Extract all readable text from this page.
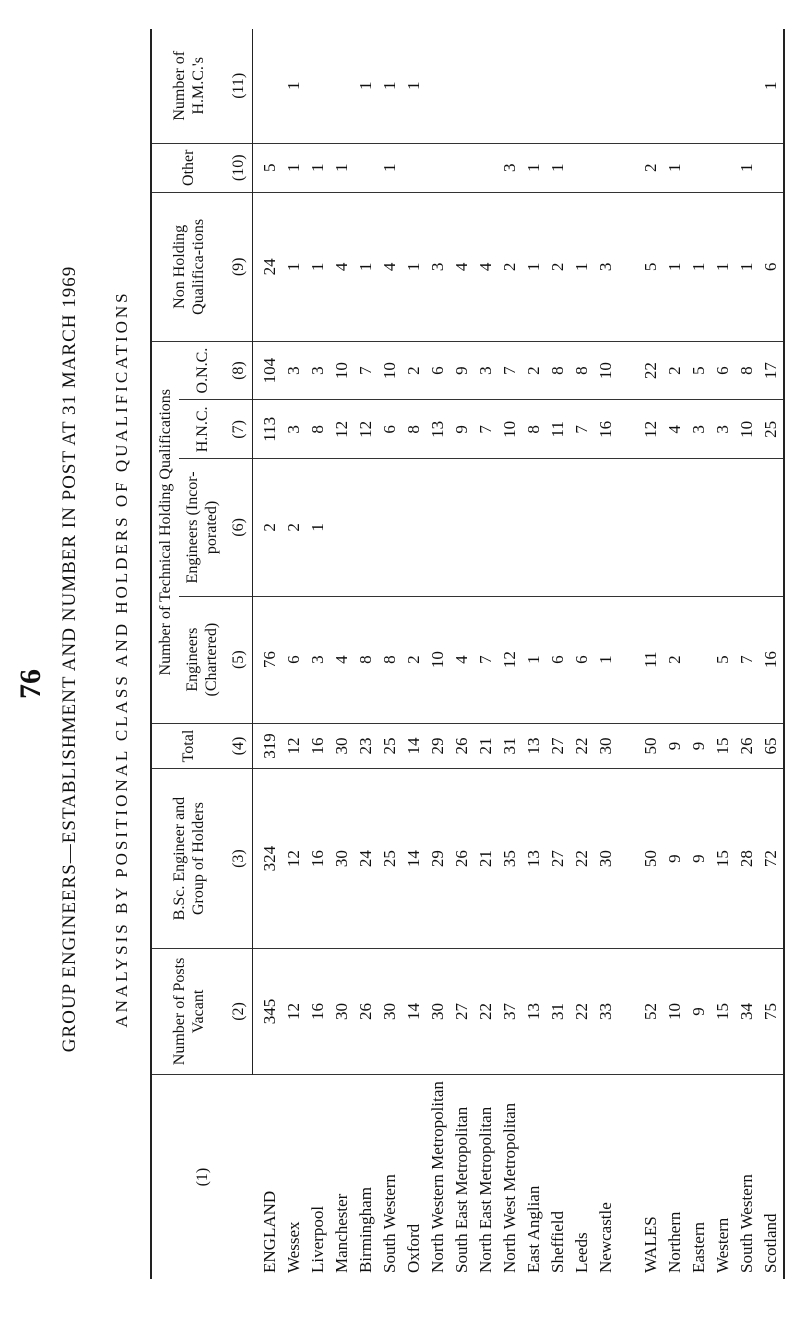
76 GROUP ENGINEERS—ESTABLISHMENT AND NUMBER IN POST AT 31 MARCH 1969 ANALYSIS BY POSITIONAL CLASS AND HOLDERS OF QUALIFICATIONS
(1)	Number of Posts Vacant	B.Sc. Engineer and Group of Holders	Total	Number of Technical Holding Qualifications				Non Holding Qualifica-tions	Other	Number of H.M.C.'s
				Engineers (Chartered)	Engineers (Incor-porated)	H.N.C.	O.N.C.			
	(2)	(3)	(4)	(5)	(6)	(7)	(8)	(9)	(10)	(11)
ENGLAND	345	324	319	76	2	113	104	24	5	
Wessex	12	12	12	6	2	3	3	1	1	1
Liverpool	16	16	16	3	1	8	3	1	1	
Manchester	30	30	30	4		12	10	4	1	
Birmingham	26	24	23	8		12	7	1		1
South Western	30	25	25	8		6	10	4	1	1
Oxford	14	14	14	2		8	2	1		1
North Western Metropolitan	30	29	29	10		13	6	3		
South East Metropolitan	27	26	26	4		9	9	4		
North East Metropolitan	22	21	21	7		7	3	4		
North West Metropolitan	37	35	31	12		10	7	2	3	
East Anglian	13	13	13	1		8	2	1	1	
Sheffield	31	27	27	6		11	8	2	1	
Leeds	22	22	22	6		7	8	1		
Newcastle	33	30	30	1		16	10	3		

WALES	52	50	50	11		12	22	5	2	
Northern	10	9	9	2		4	2	1	1	
Eastern	9	9	9			3	5	1		
Western	15	15	15	5		3	6	1		
South Western	34	28	26	7		10	8	1	1	
Scotland	75	72	65	16		25	17	6		1
